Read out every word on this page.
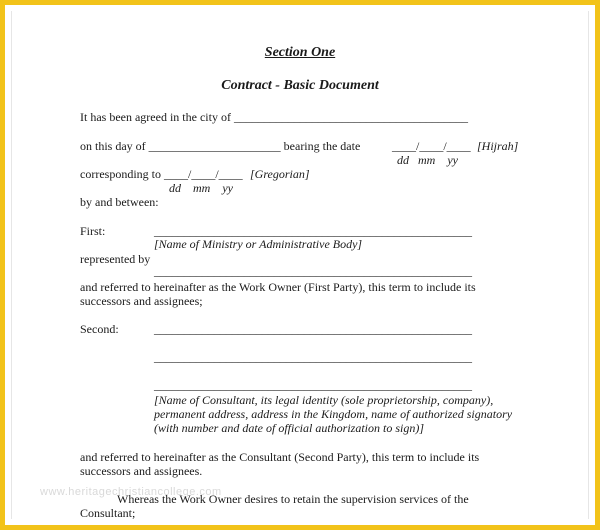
Section One
Contract - Basic Document
It has been agreed in the city of _______________________________________
on this day of ______________________ bearing the date	____/____/____ [Hijrah]
dd   mm    yy
corresponding to ____/____/____ [Gregorian]
dd    mm    yy
by and between:
First:	_____________________________________________________
[Name of Ministry or Administrative Body]
represented by
_____________________________________________________
and referred to hereinafter as the Work Owner (First Party), this term to include its
successors and assignees;
Second:	_____________________________________________________
_____________________________________________________
_____________________________________________________
[Name of Consultant, its legal identity (sole proprietorship, company),
permanent address, address in the Kingdom, name of authorized signatory
(with number and date of official authorization to sign)]
and referred to hereinafter as the Consultant (Second Party), this term to include its
successors and assignees.
www.heritagechristiancollege.com
Whereas the Work Owner desires to retain the supervision services of the
Consultant;
